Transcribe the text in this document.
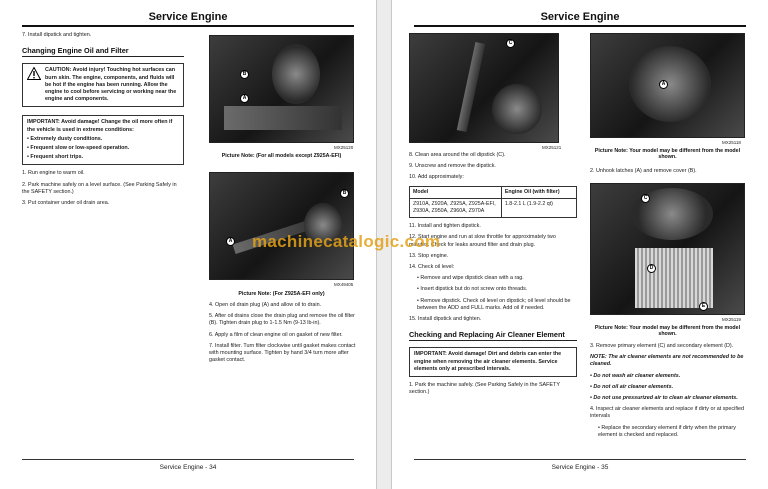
Service Engine

7. Install dipstick and tighten.

Changing Engine Oil and Filter
CAUTION: Avoid injury! Touching hot surfaces can burn skin. The engine, components, and fluids will be hot if the engine has been running. Allow the engine to cool before servicing or working near the engine and components.
IMPORTANT: Avoid damage! Change the oil more often if the vehicle is used in extreme conditions:
• Extremely dusty conditions.
• Frequent slow or low-speed operation.
• Frequent short trips.

1. Run engine to warm oil.

2. Park machine safely on a level surface. (See Parking Safely in the SAFETY section.)

3. Put container under oil drain area.

B
A
MX25120
Picture Note: (For all models except Z925A-EFI)
A
B
MX49405
Picture Note: (For Z925A-EFI only)

4. Open oil drain plug (A) and allow oil to drain.

5. After oil drains close the drain plug and remove the oil filter (B). Tighten drain plug to 1-1.5 Nm (9-13 lb-in).

6. Apply a film of clean engine oil on gasket of new filter.

7. Install filter. Turn filter clockwise until gasket makes contact with mounting surface. Tighten by hand 3/4 turn more after gasket contact.

Service Engine - 34
Service Engine
C
MX25121

8. Clean area around the oil dipstick (C).

9. Unscrew and remove the dipstick.

10. Add approximately:

Model	Engine Oil (with filter)
Z910A, Z920A, Z925A, Z925A-EFI, Z930A, Z950A, Z960A, Z970A	1.8-2.1 L (1.9-2.2 qt)

11. Install and tighten dipstick.

12. Start engine and run at slow throttle for approximately two minutes. Check for leaks around filter and drain plug.

13. Stop engine.

14. Check oil level:

• Remove and wipe dipstick clean with a rag.

• Insert dipstick but do not screw onto threads.

• Remove dipstick. Check oil level on dipstick; oil level should be between the ADD and FULL marks. Add oil if needed.

15. Install dipstick and tighten.

Checking and Replacing Air Cleaner Element
IMPORTANT: Avoid damage! Dirt and debris can enter the engine when removing the air cleaner elements. Service elements only at prescribed intervals.

1. Park the machine safely. (See Parking Safely in the SAFETY section.)

A
MX25118
Picture Note: Your model may be different from the model shown.

2. Unhook latches (A) and remove cover (B).

C
D
E
MX25119
Picture Note: Your model may be different from the model shown.

3. Remove primary element (C) and secondary element (D).

NOTE: The air cleaner elements are not recommended to be cleaned.

• Do not wash air cleaner elements.

• Do not oil air cleaner elements.

• Do not use pressurized air to clean air cleaner elements.

4. Inspect air cleaner elements and replace if dirty or at specified intervals

• Replace the secondary element if dirty when the primary element is checked and replaced.

Service Engine - 35
machinecatalogic.com
